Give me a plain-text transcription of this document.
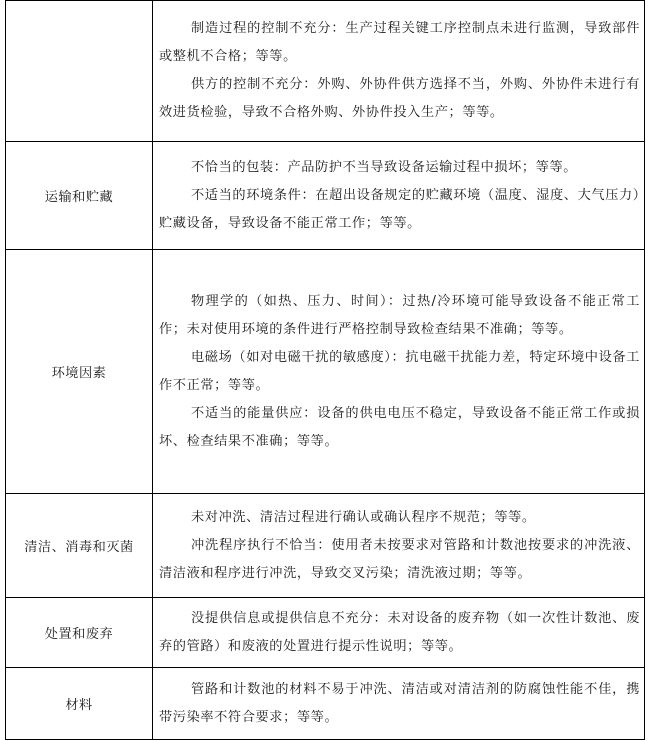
	制造过程的控制不充分：生产过程关键工序控制点未进行监测，导致部件或整机不合格；等等。

供方的控制不充分：外购、外协件供方选择不当，外购、外协件未进行有效进货检验，导致不合格外购、外协件投入生产；等等。

运输和贮藏	不恰当的包装：产品防护不当导致设备运输过程中损坏；等等。

不适当的环境条件：在超出设备规定的贮藏环境（温度、湿度、大气压力）贮藏设备，导致设备不能正常工作；等等。

环境因素	物理学的（如热、压力、时间）：过热/冷环境可能导致设备不能正常工作；未对使用环境的条件进行严格控制导致检查结果不准确；等等。

电磁场（如对电磁干扰的敏感度）：抗电磁干扰能力差，特定环境中设备工作不正常；等等。

不适当的能量供应：设备的供电电压不稳定，导致设备不能正常工作或损坏、检查结果不准确；等等。

清洁、消毒和灭菌	未对冲洗、清洁过程进行确认或确认程序不规范；等等。

冲洗程序执行不恰当：使用者未按要求对管路和计数池按要求的冲洗液、清洁液和程序进行冲洗，导致交叉污染；清洗液过期；等等。

处置和废弃	没提供信息或提供信息不充分：未对设备的废弃物（如一次性计数池、废弃的管路）和废液的处置进行提示性说明；等等。

材料	管路和计数池的材料不易于冲洗、清洁或对清洁剂的防腐蚀性能不佳，携带污染率不符合要求；等等。
